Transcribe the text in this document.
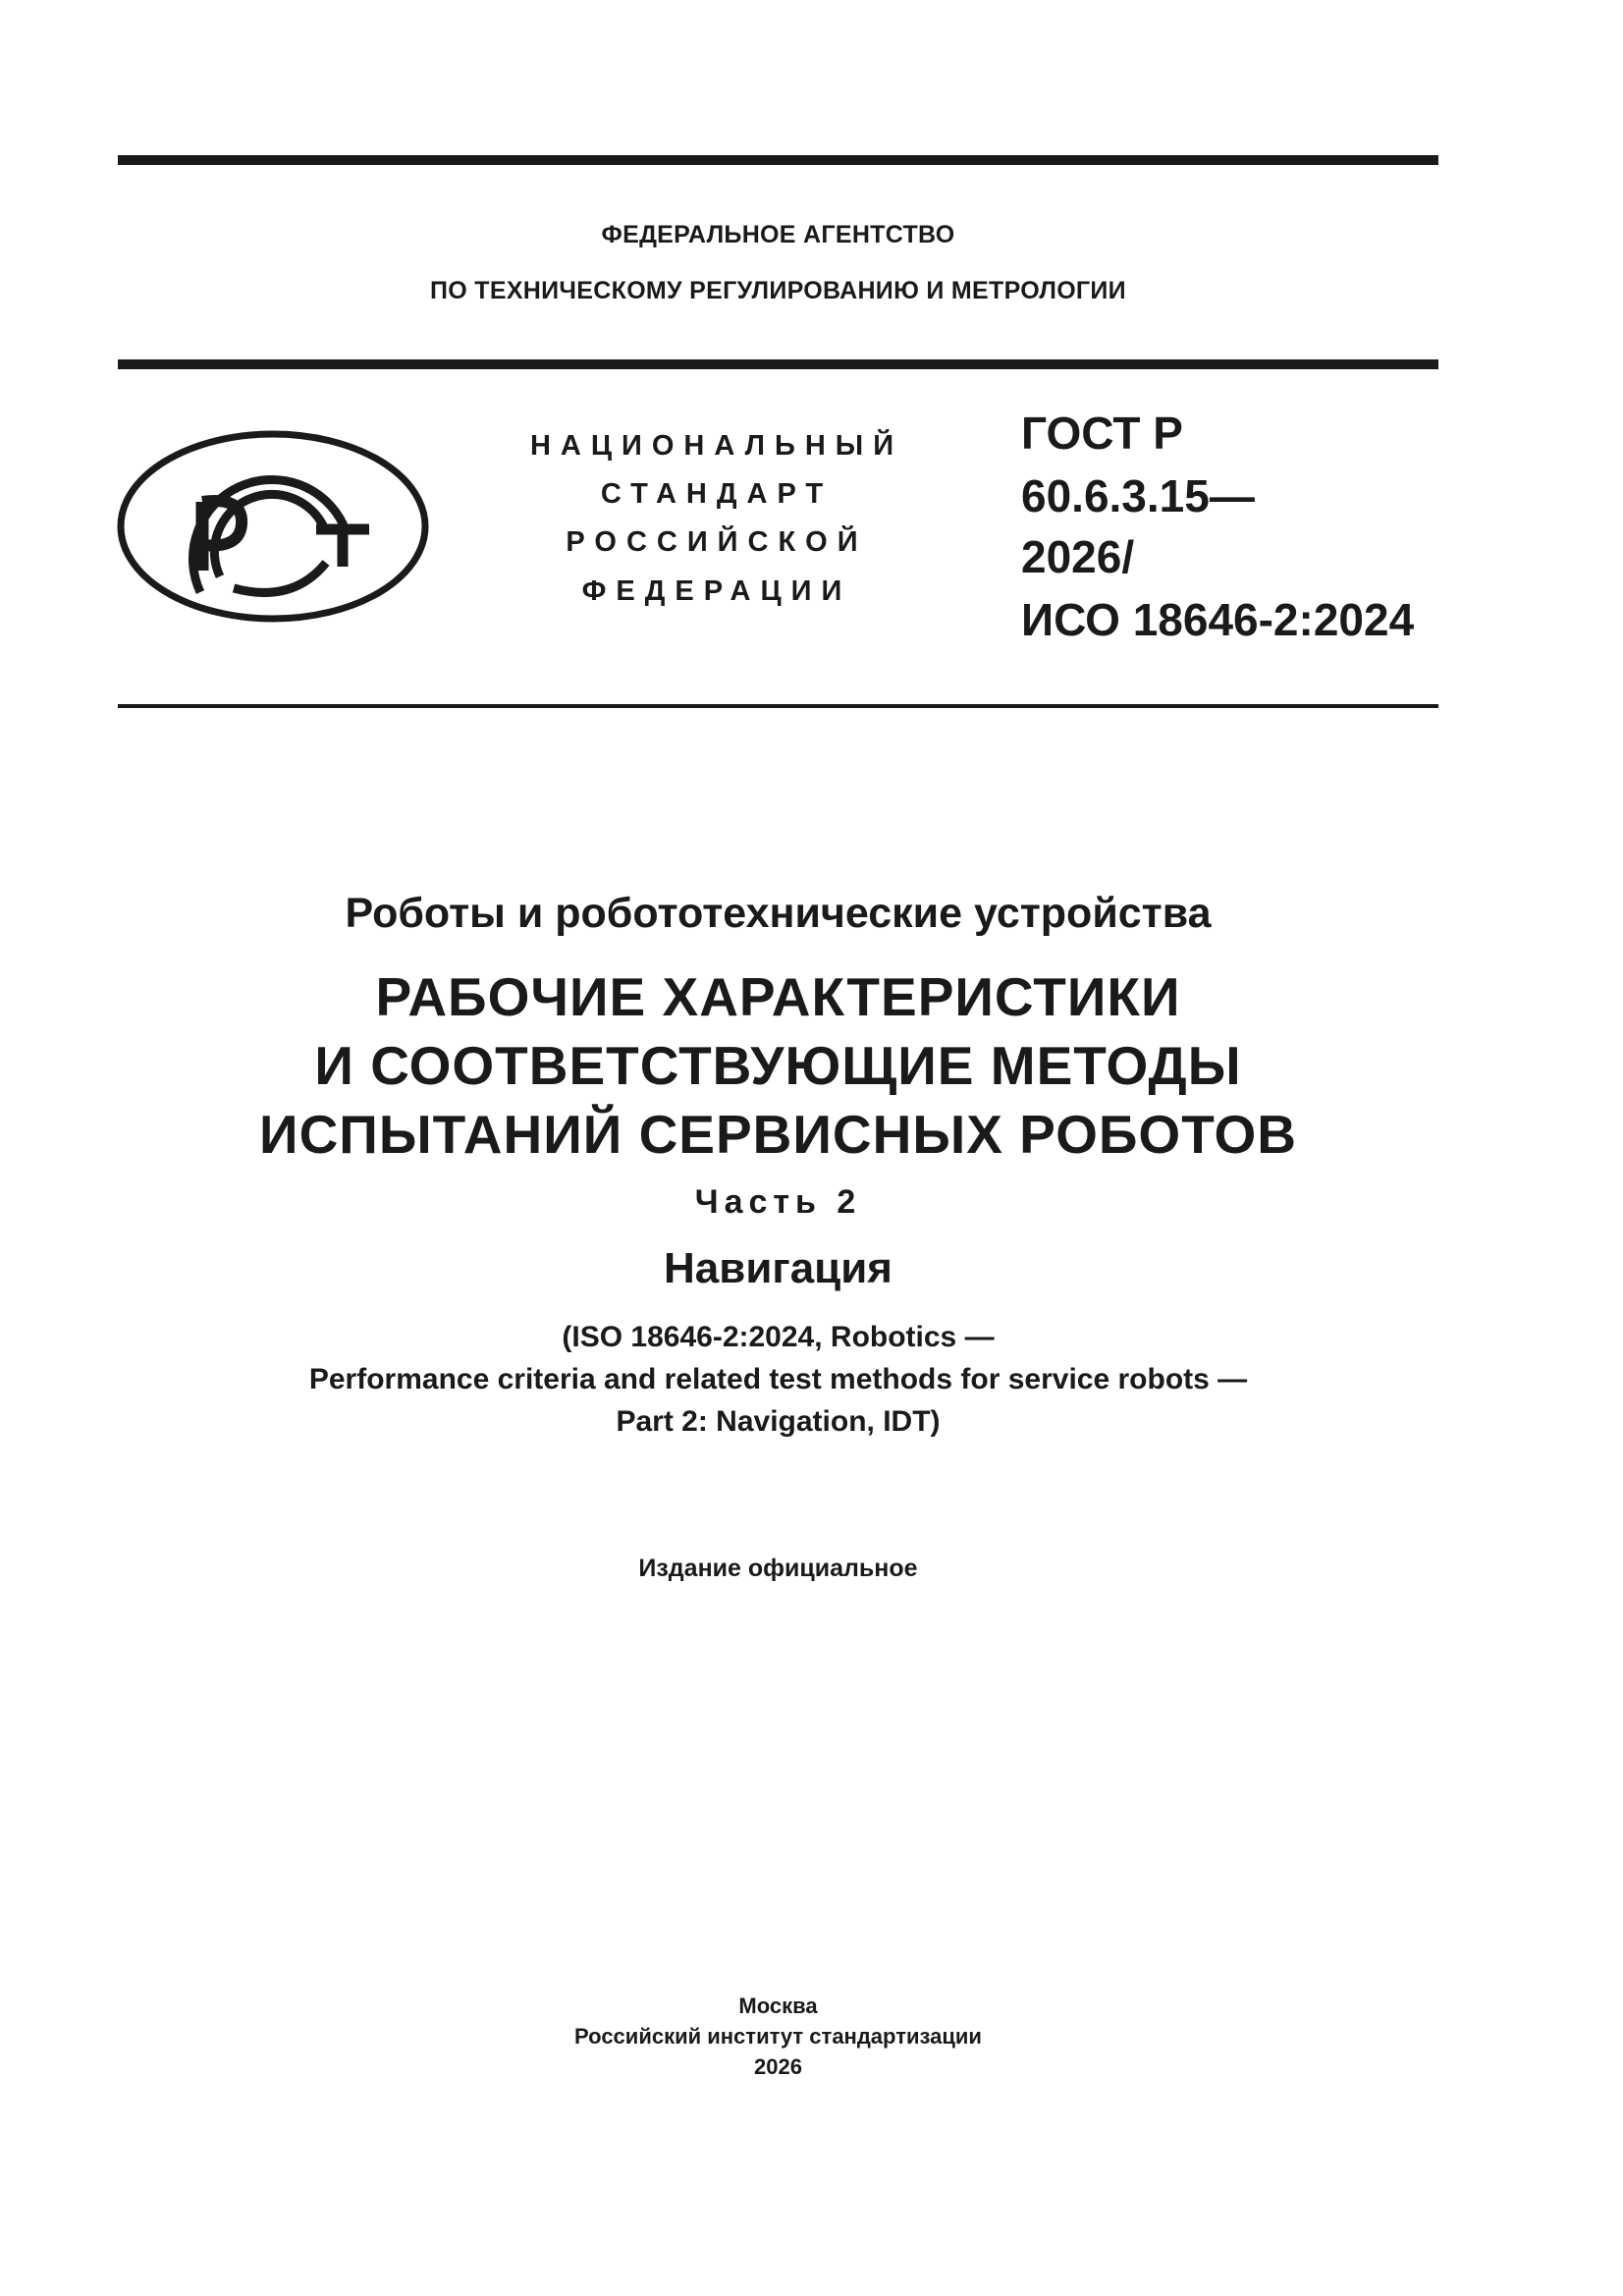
ФЕДЕРАЛЬНОЕ АГЕНТСТВО
ПО ТЕХНИЧЕСКОМУ РЕГУЛИРОВАНИЮ И МЕТРОЛОГИИ
НАЦИОНАЛЬНЫЙ
СТАНДАРТ
РОССИЙСКОЙ
ФЕДЕРАЦИИ
ГОСТ Р
60.6.3.15—
2026/
ИСО 18646-2:2024
Роботы и робототехнические устройства
РАБОЧИЕ ХАРАКТЕРИСТИКИ
И СООТВЕТСТВУЮЩИЕ МЕТОДЫ
ИСПЫТАНИЙ СЕРВИСНЫХ РОБОТОВ
Часть 2
Навигация
(ISO 18646-2:2024, Robotics —
Performance criteria and related test methods for service robots —
Part 2: Navigation, IDT)
Издание официальное
Москва
Российский институт стандартизации
2026
